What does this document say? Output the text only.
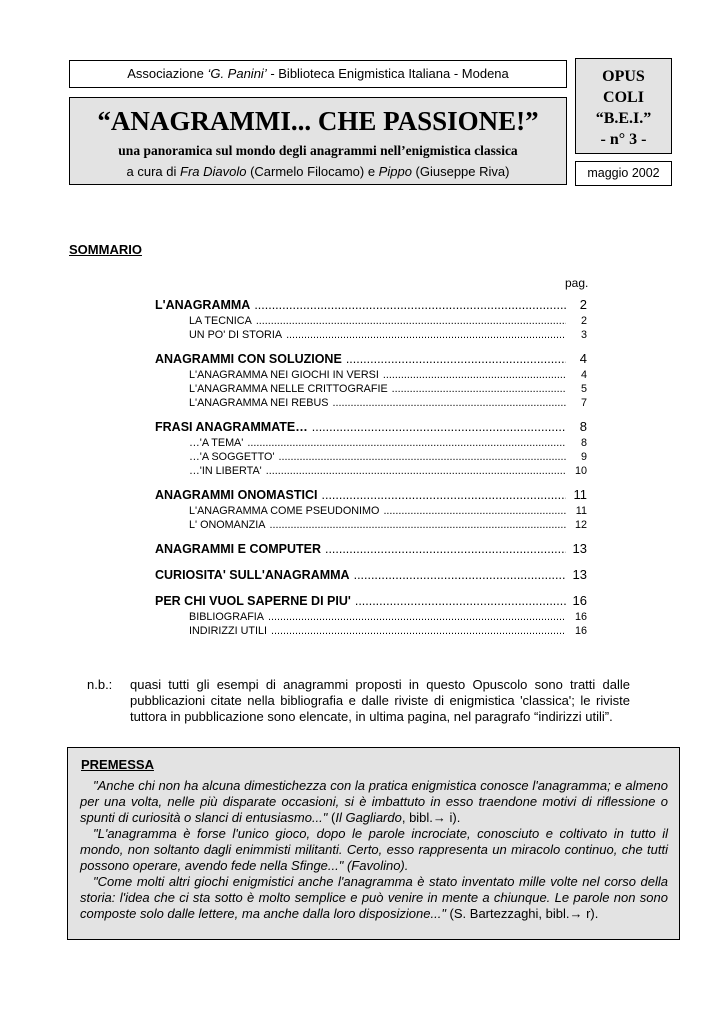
Associazione ‘G. Panini’ - Biblioteca Enigmistica Italiana - Modena
“ANAGRAMMI... CHE PASSIONE!”
una panoramica sul mondo degli anagrammi nell’enigmistica classica
a cura di Fra Diavolo (Carmelo Filocamo) e Pippo (Giuseppe Riva)
OPUS
COLI
“B.E.I.”
- n° 3 -
maggio 2002
SOMMARIO
pag.
L'ANAGRAMMA .....	2
LA TECNICA .....	2
UN PO' DI STORIA .....	3
ANAGRAMMI CON SOLUZIONE .....	4
L'ANAGRAMMA NEI GIOCHI IN VERSI .....	4
L'ANAGRAMMA NELLE CRITTOGRAFIE .....	5
L'ANAGRAMMA NEI REBUS .....	7
FRASI ANAGRAMMATE… .....	8
…'A TEMA' .....	8
…'A SOGGETTO' .....	9
…'IN LIBERTA' .....	10
ANAGRAMMI ONOMASTICI .....	11
L'ANAGRAMMA COME PSEUDONIMO .....	11
L' ONOMANZIA .....	12
ANAGRAMMI E COMPUTER .....	13
CURIOSITA' SULL'ANAGRAMMA .....	13
PER CHI VUOL SAPERNE DI PIU' .....	16
BIBLIOGRAFIA .....	16
INDIRIZZI UTILI .....	16
n.b.: quasi tutti gli esempi di anagrammi proposti in questo Opuscolo sono tratti dalle pubblicazioni citate nella bibliografia e dalle riviste di enigmistica 'classica'; le riviste tuttora in pubblicazione sono elencate, in ultima pagina, nel paragrafo “indirizzi utili”.
PREMESSA

"Anche chi non ha alcuna dimestichezza con la pratica enigmistica conosce l'anagramma; e almeno per una volta, nelle più disparate occasioni, si è imbattuto in esso traendone motivi di riflessione o spunti di curiosità o slanci di entusiasmo..." (Il Gagliardo, bibl.→ i).

"L'anagramma è forse l'unico gioco, dopo le parole incrociate, conosciuto e coltivato in tutto il mondo, non soltanto dagli enimmisti militanti. Certo, esso rappresenta un miracolo continuo, che tutti possono operare, avendo fede nella Sfinge..." (Favolino).

"Come molti altri giochi enigmistici anche l'anagramma è stato inventato mille volte nel corso della storia: l'idea che ci sta sotto è molto semplice e può venire in mente a chiunque. Le parole non sono composte solo dalle lettere, ma anche dalla loro disposizione..." (S. Bartezzaghi, bibl.→ r).
